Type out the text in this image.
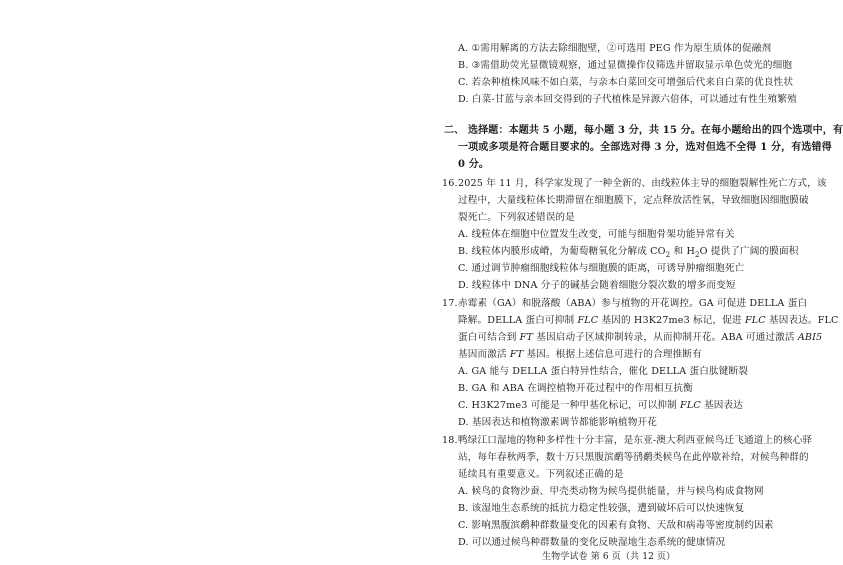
A. ①需用解离的方法去除细胞壁，②可选用 PEG 作为原生质体的促融剂
B. ③需借助荧光显微镜观察，通过显微操作仪筛选并留取显示单色荧光的细胞
C. 若杂种植株风味不如白菜，与亲本白菜回交可增强后代来自白菜的优良性状
D. 白菜-甘蓝与亲本回交得到的子代植株是异源六倍体，可以通过有性生殖繁殖
二、 选择题：本题共 5 小题，每小题 3 分，共 15 分。在每小题给出的四个选项中，有
一项或多项是符合题目要求的。全部选对得 3 分，选对但选不全得 1 分，有选错得
0 分。
16. 2025 年 11 月，科学家发现了一种全新的、由线粒体主导的细胞裂解性死亡方式，该
过程中，大量线粒体长期滞留在细胞膜下，定点释放活性氧，导致细胞因细胞膜破
裂死亡。下列叙述错误的是
A. 线粒体在细胞中位置发生改变，可能与细胞骨架功能异常有关
B. 线粒体内膜形成嵴，为葡萄糖氧化分解成 $CO_2$ 和 $H_2O$ 提供了广阔的膜面积
C. 通过调节肿瘤细胞线粒体与细胞膜的距离，可诱导肿瘤细胞死亡
D. 线粒体中 DNA 分子的碱基会随着细胞分裂次数的增多而变短
17. 赤霉素（GA）和脱落酸（ABA）参与植物的开花调控。GA 可促进 DELLA 蛋白
降解。DELLA 蛋白可抑制 FLC 基因的 H3K27me3 标记，促进 FLC 基因表达。FLC
蛋白可结合到 FT 基因启动子区域抑制转录，从而抑制开花。ABA 可通过激活 ABI5
基因而激活 FT 基因。根据上述信息可进行的合理推断有
A. GA 能与 DELLA 蛋白特异性结合，催化 DELLA 蛋白肽键断裂
B. GA 和 ABA 在调控植物开花过程中的作用相互抗衡
C. H3K27me3 可能是一种甲基化标记，可以抑制 FLC 基因表达
D. 基因表达和植物激素调节都能影响植物开花
18. 鸭绿江口湿地的物种多样性十分丰富，是东亚-澳大利西亚候鸟迁飞通道上的核心驿
站，每年春秋两季，数十万只黑腹滨鹬等鸻鹬类候鸟在此停歇补给，对候鸟种群的
延续具有重要意义。下列叙述正确的是
A. 候鸟的食物沙蚕、甲壳类动物为候鸟提供能量，并与候鸟构成食物网
B. 该湿地生态系统的抵抗力稳定性较强，遭到破坏后可以快速恢复
C. 影响黑腹滨鹬种群数量变化的因素有食物、天敌和病毒等密度制约因素
D. 可以通过候鸟种群数量的变化反映湿地生态系统的健康情况
生物学试卷 第 6 页（共 12 页）
